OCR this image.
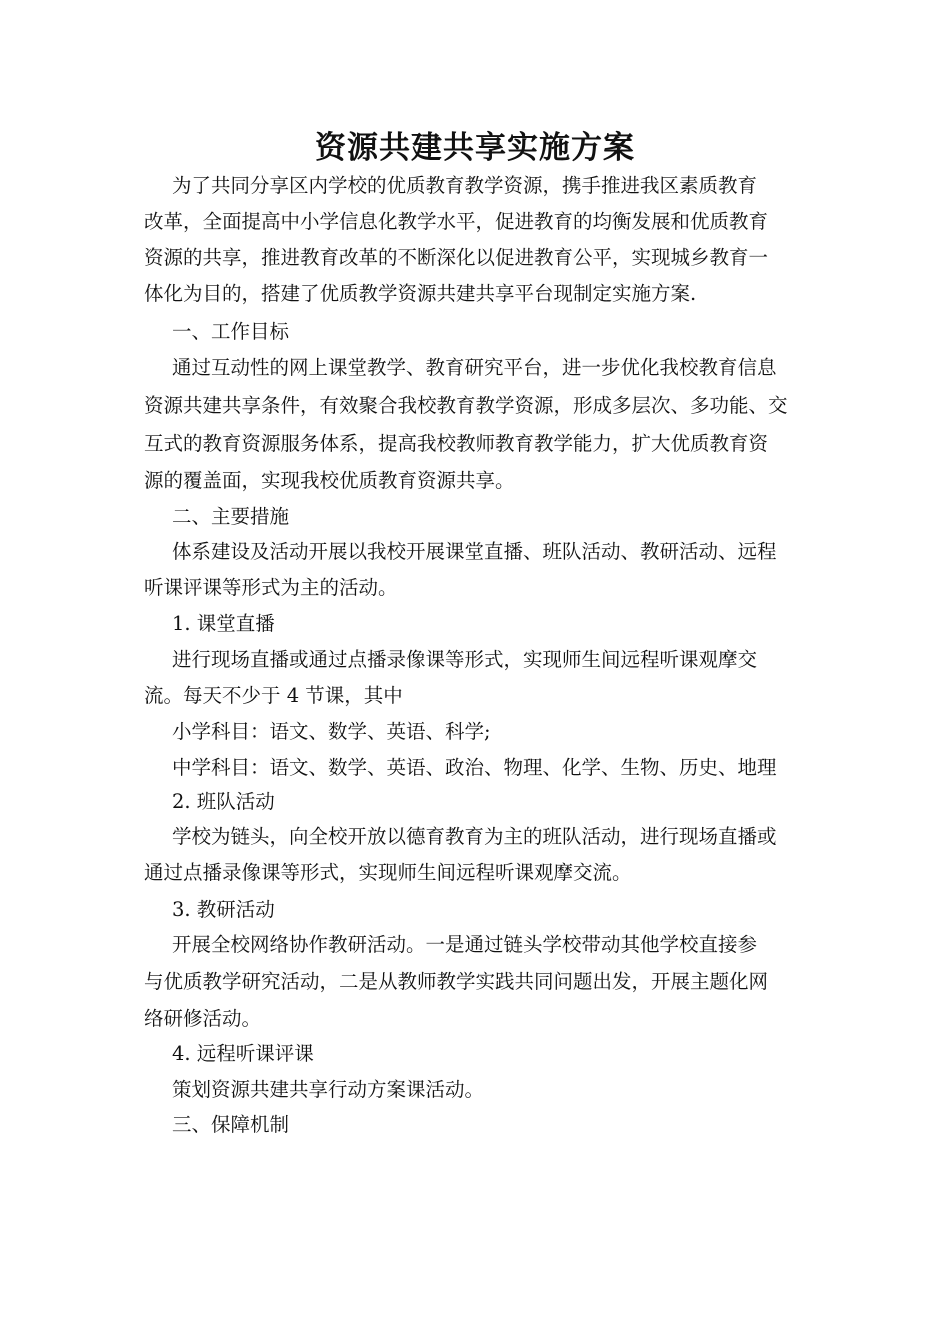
资源共建共享实施方案
为了共同分享区内学校的优质教育教学资源，携手推进我区素质教育
改革，全面提高中小学信息化教学水平，促进教育的均衡发展和优质教育
资源的共享，推进教育改革的不断深化以促进教育公平，实现城乡教育一
体化为目的，搭建了优质教学资源共建共享平台现制定实施方案.
一、工作目标
通过互动性的网上课堂教学、教育研究平台，进一步优化我校教育信息
资源共建共享条件，有效聚合我校教育教学资源，形成多层次、多功能、交
互式的教育资源服务体系，提高我校教师教育教学能力，扩大优质教育资
源的覆盖面，实现我校优质教育资源共享。
二、主要措施
体系建设及活动开展以我校开展课堂直播、班队活动、教研活动、远程
听课评课等形式为主的活动。
1. 课堂直播
进行现场直播或通过点播录像课等形式，实现师生间远程听课观摩交
流。每天不少于 4 节课，其中
小学科目：语文、数学、英语、科学;
中学科目：语文、数学、英语、政治、物理、化学、生物、历史、地理
2. 班队活动
学校为链头，向全校开放以德育教育为主的班队活动，进行现场直播或
通过点播录像课等形式，实现师生间远程听课观摩交流。
3. 教研活动
开展全校网络协作教研活动。一是通过链头学校带动其他学校直接参
与优质教学研究活动，二是从教师教学实践共同问题出发，开展主题化网
络研修活动。
4. 远程听课评课
策划资源共建共享行动方案课活动。
三、保障机制
